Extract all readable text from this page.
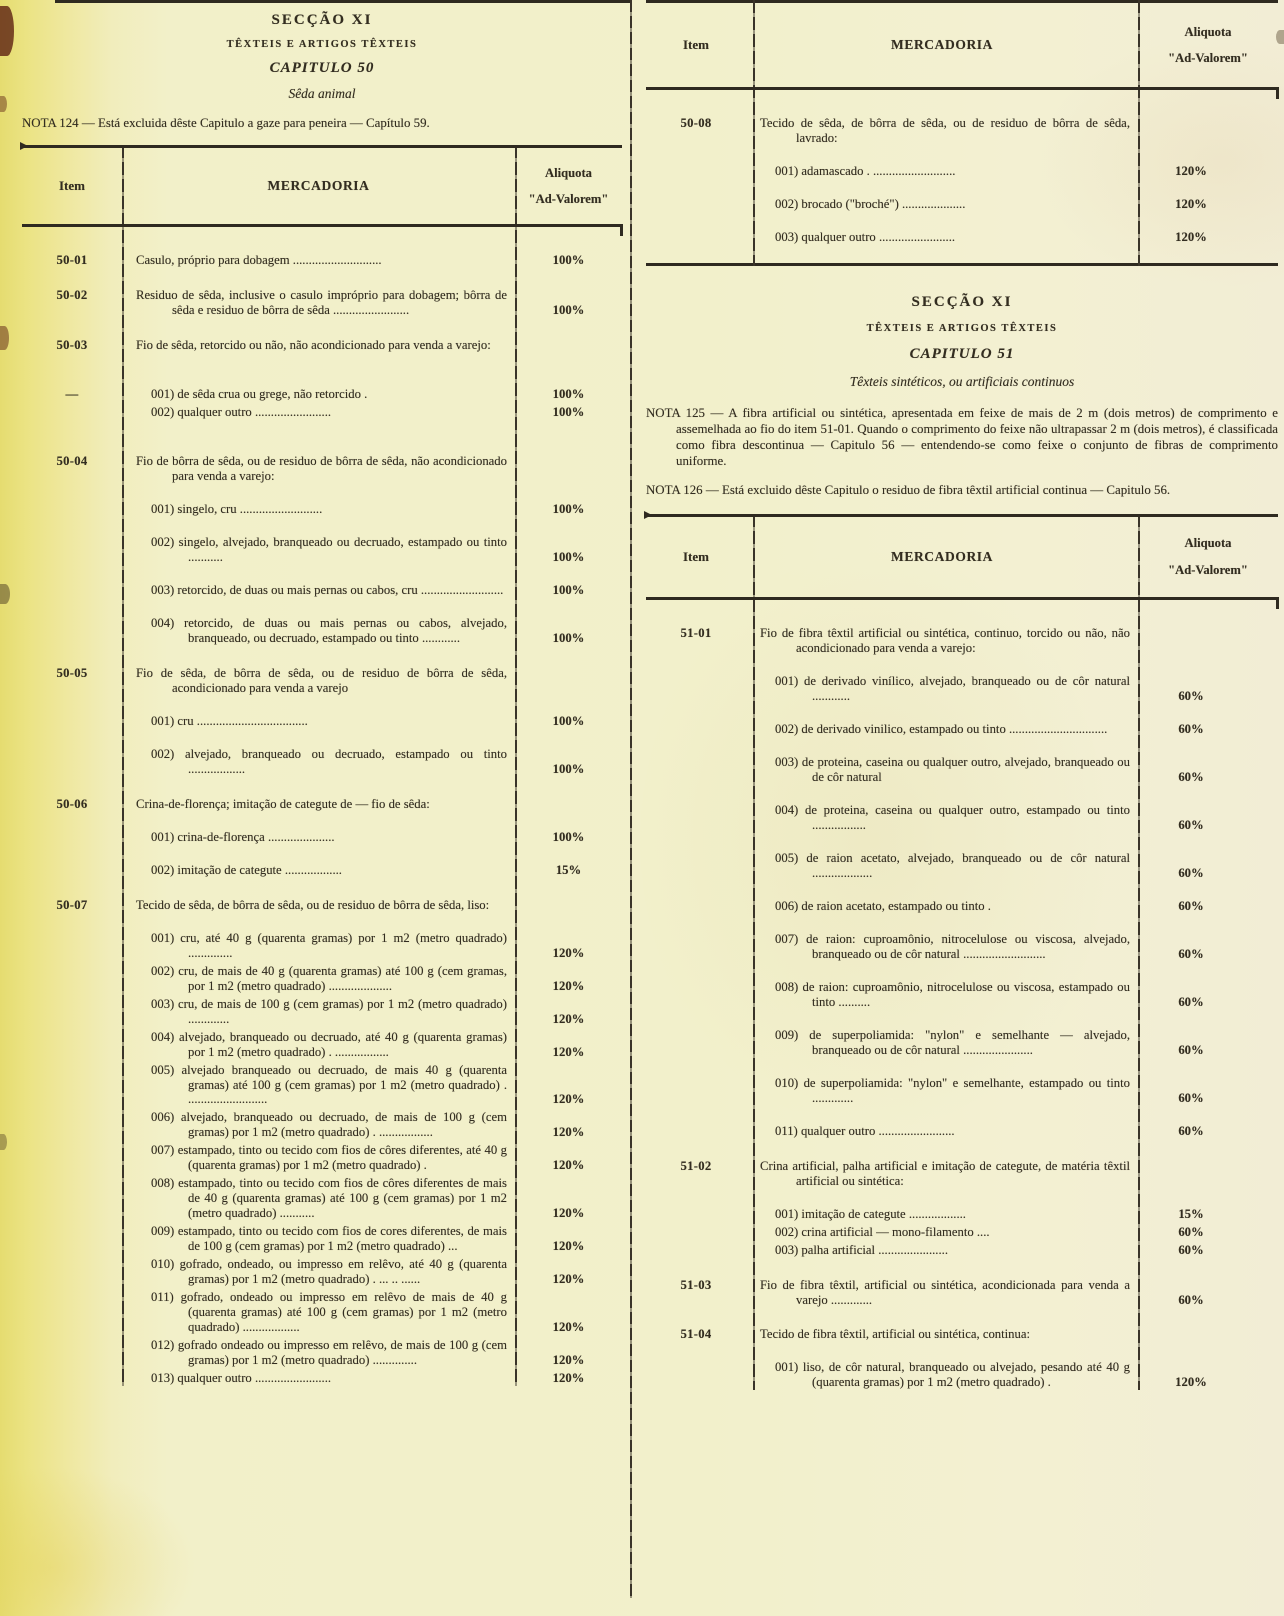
SECÇÃO XI
TÊXTEIS E ARTIGOS TÊXTEIS
CAPITULO 50
Sêda animal
NOTA 124 — Está excluida dêste Capitulo a gaze para peneira — Capítulo 59.
Item	MERCADORIA
Aliquota
"Ad-Valorem"
50-01	Casulo, próprio para dobagem ............................	100%
50-02	Residuo de sêda, inclusive o casulo impróprio para dobagem; bôrra de sêda e residuo de bôrra de sêda ........................	100%
50-03	Fio de sêda, retorcido ou não, não acondicionado para venda a varejo:
—	001) de sêda crua ou grege, não retorcido .	100%
002) qualquer outro ........................	100%
50-04	Fio de bôrra de sêda, ou de residuo de bôrra de sêda, não acondicionado para venda a varejo:
001) singelo, cru ..........................	100%
002) singelo, alvejado, branqueado ou decruado, estampado ou tinto ...........	100%
003) retorcido, de duas ou mais pernas ou cabos, cru ..........................	100%
004) retorcido, de duas ou mais pernas ou cabos, alvejado, branqueado, ou decruado, estampado ou tinto ............	100%
50-05	Fio de sêda, de bôrra de sêda, ou de residuo de bôrra de sêda, acondicionado para venda a varejo
001) cru ...................................	100%
002) alvejado, branqueado ou decruado, estampado ou tinto ..................	100%
50-06	Crina-de-florença; imitação de categute de — fio de sêda:
001) crina-de-florença .....................	100%
002) imitação de categute ..................	15%
50-07	Tecido de sêda, de bôrra de sêda, ou de residuo de bôrra de sêda, liso:
001) cru, até 40 g (quarenta gramas) por 1 m2 (metro quadrado) ..............	120%
002) cru, de mais de 40 g (quarenta gramas) até 100 g (cem gramas, por 1 m2 (metro quadrado) ....................	120%
003) cru, de mais de 100 g (cem gramas) por 1 m2 (metro quadrado) .............	120%
004) alvejado, branqueado ou decruado, até 40 g (quarenta gramas) por 1 m2 (metro quadrado) . .................	120%
005) alvejado branqueado ou decruado, de mais 40 g (quarenta gramas) até 100 g (cem gramas) por 1 m2 (metro quadrado) . .........................	120%
006) alvejado, branqueado ou decruado, de mais de 100 g (cem gramas) por 1 m2 (metro quadrado) . .................	120%
007) estampado, tinto ou tecido com fios de côres diferentes, até 40 g (quarenta gramas) por 1 m2 (metro quadrado) .	120%
008) estampado, tinto ou tecido com fios de côres diferentes de mais de 40 g (quarenta gramas) até 100 g (cem gramas) por 1 m2 (metro quadrado) ...........	120%
009) estampado, tinto ou tecido com fios de cores diferentes, de mais de 100 g (cem gramas) por 1 m2 (metro quadrado) ...	120%
010) gofrado, ondeado, ou impresso em relêvo, até 40 g (quarenta gramas) por 1 m2 (metro quadrado) . ... .. ......	120%
011) gofrado, ondeado ou impresso em relêvo de mais de 40 g (quarenta gramas) até 100 g (cem gramas) por 1 m2 (metro quadrado) ..................	120%
012) gofrado ondeado ou impresso em relêvo, de mais de 100 g (cem gramas) por 1 m2 (metro quadrado) ..............	120%
013) qualquer outro ........................	120%
Item	MERCADORIA
Aliquota
"Ad-Valorem"
50-08	Tecido de sêda, de bôrra de sêda, ou de residuo de bôrra de sêda, lavrado:
001) adamascado . ..........................	120%
002) brocado ("broché") ....................	120%
003) qualquer outro ........................	120%
SECÇÃO XI
TÊXTEIS E ARTIGOS TÊXTEIS
CAPITULO 51
Têxteis sintéticos, ou artificiais continuos
NOTA 125 — A fibra artificial ou sintética, apresentada em feixe de mais de 2 m (dois metros) de comprimento e assemelhada ao fio do item 51-01. Quando o comprimento do feixe não ultrapassar 2 m (dois metros), é classificada como fibra descontinua — Capitulo 56 — entendendo-se como feixe o conjunto de fibras de comprimento uniforme.
NOTA 126 — Está excluido dêste Capitulo o residuo de fibra têxtil artificial continua — Capitulo 56.
Item	MERCADORIA
Aliquota
"Ad-Valorem"
51-01	Fio de fibra têxtil artificial ou sintética, continuo, torcido ou não, não acondicionado para venda a varejo:
001) de derivado vinílico, alvejado, branqueado ou de côr natural ............	60%
002) de derivado vinilico, estampado ou tinto ...............................	60%
003) de proteina, caseina ou qualquer outro, alvejado, branqueado ou de côr natural	60%
004) de proteina, caseina ou qualquer outro, estampado ou tinto .................	60%
005) de raion acetato, alvejado, branqueado ou de côr natural ...................	60%
006) de raion acetato, estampado ou tinto .	60%
007) de raion: cuproamônio, nitrocelulose ou viscosa, alvejado, branqueado ou de côr natural ..........................	60%
008) de raion: cuproamônio, nitrocelulose ou viscosa, estampado ou tinto ..........	60%
009) de superpoliamida: "nylon" e semelhante — alvejado, branqueado ou de côr natural ......................	60%
010) de superpoliamida: "nylon" e semelhante, estampado ou tinto .............	60%
011) qualquer outro ........................	60%
51-02	Crina artificial, palha artificial e imitação de categute, de matéria têxtil artificial ou sintética:
001) imitação de categute ..................	15%
002) crina artificial — mono-filamento ....	60%
003) palha artificial ......................	60%
51-03	Fio de fibra têxtil, artificial ou sintética, acondicionada para venda a varejo .............	60%
51-04	Tecido de fibra têxtil, artificial ou sintética, continua:
001) liso, de côr natural, branqueado ou alvejado, pesando até 40 g (quarenta gramas) por 1 m2 (metro quadrado) .	120%
